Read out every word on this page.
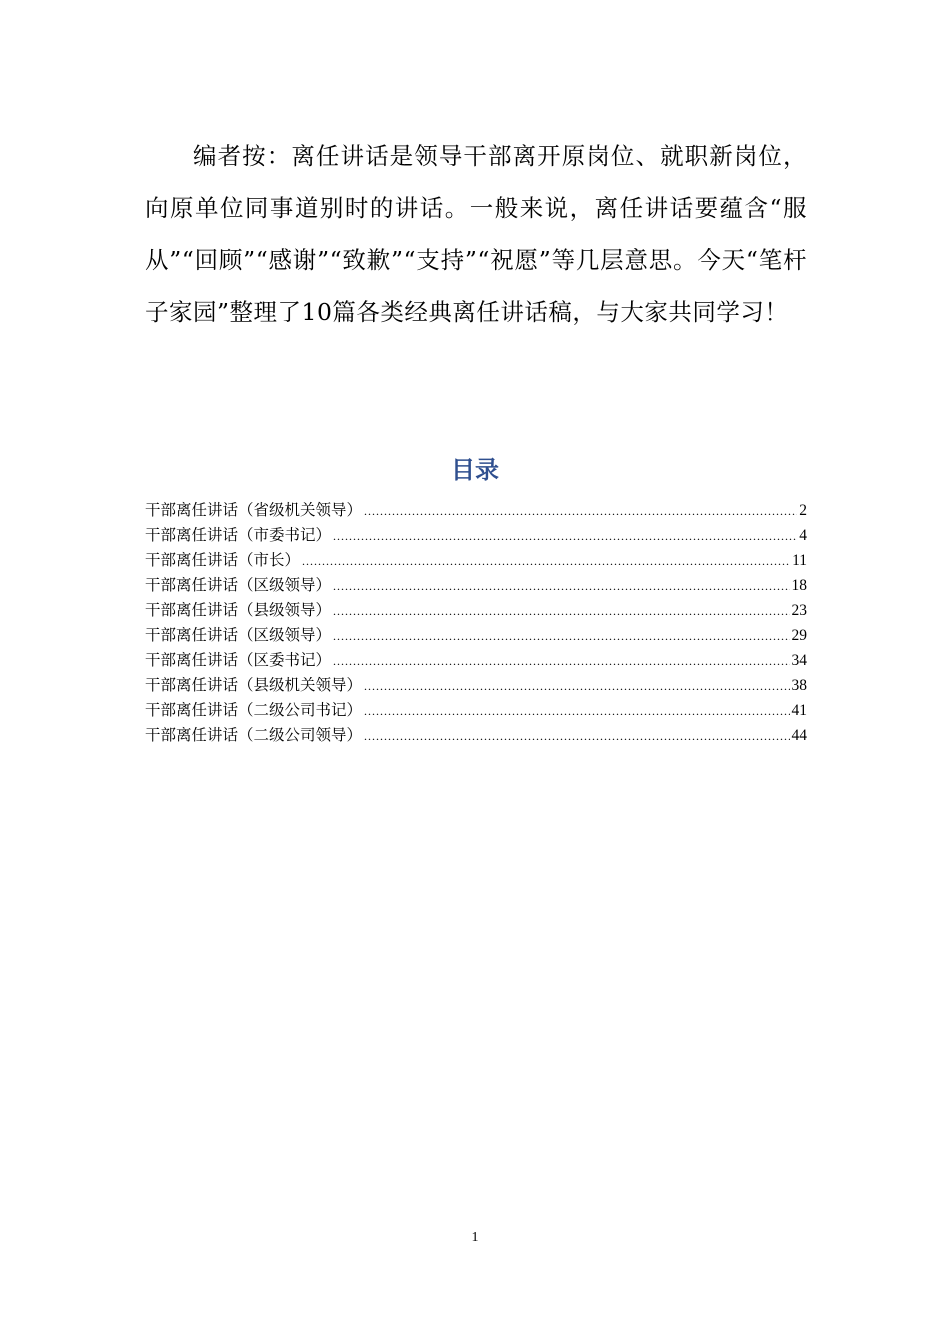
编者按：离任讲话是领导干部离开原岗位、就职新岗位，向原单位同事道别时的讲话。一般来说，离任讲话要蕴含“服从”“回顾”“感谢”“致歉”“支持”“祝愿”等几层意思。今天“笔杆子家园”整理了10篇各类经典离任讲话稿，与大家共同学习！

目录
干部离任讲话（省级机关领导） .....	2
干部离任讲话（市委书记） .....	4
干部离任讲话（市长） .....	11
干部离任讲话（区级领导） .....	18
干部离任讲话（县级领导） .....	23
干部离任讲话（区级领导） .....	29
干部离任讲话（区委书记） .....	34
干部离任讲话（县级机关领导） .....	38
干部离任讲话（二级公司书记） .....	41
干部离任讲话（二级公司领导） .....	44

1
